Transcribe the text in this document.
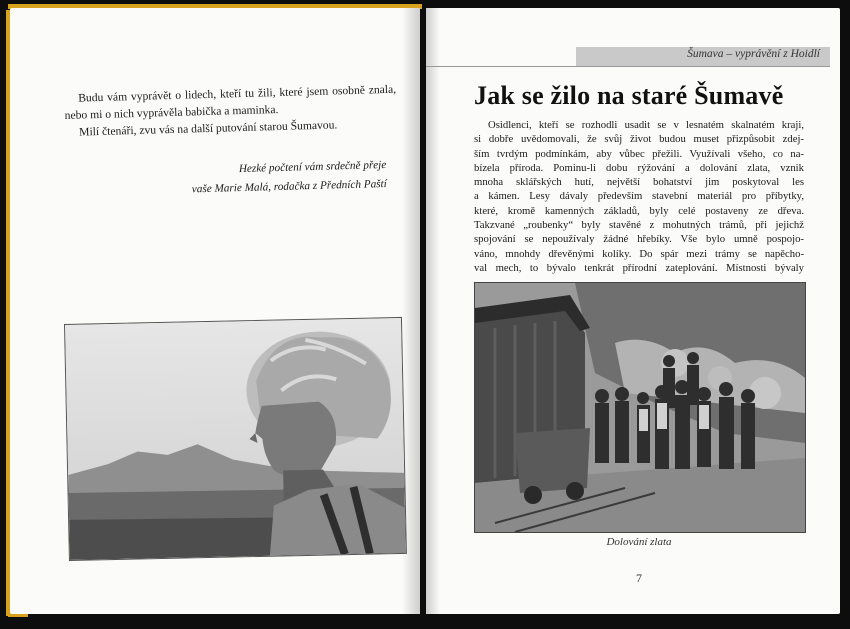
Budu vám vyprávět o lidech, kteří tu žili, které jsem osobně znala, nebo mi o nich vyprávěla babička a maminka.

Milí čtenáři, zvu vás na další putování starou Šumavou.

Hezké počtení vám srdečně přeje
vaše Marie Malá, rodačka z Předních Paští
Šumava – vyprávění z Hoidlí
Jak se žilo na staré Šumavě
Osidlenci, kteří se rozhodli usadit se v lesnatém skalnatém kraji,
si dobře uvědomovali, že svůj život budou muset přizpůsobit zdej-
ším tvrdým podmínkám, aby vůbec přežili. Využívali všeho, co na-
bízela příroda. Pominu-li dobu rýžování a dolování zlata, vznik
mnoha sklářských hutí, největší bohatství jim poskytoval les
a kámen. Lesy dávaly především stavební materiál pro příbytky,
které, kromě kamenných základů, byly celé postaveny ze dřeva.
Takzvané „roubenky“ byly stavěné z mohutných trámů, při jejichž
spojování se nepoužívaly žádné hřebíky. Vše bylo umně pospojo-
váno, mnohdy dřevěnými kolíky. Do spár mezi trámy se napěcho-
val mech, to bývalo tenkrát přírodní zateplování. Místnosti bývaly
Dolování zlata
7
